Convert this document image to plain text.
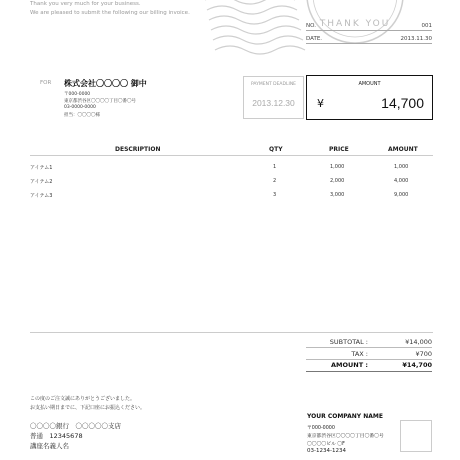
Thank you very much for your business.
We are pleased to submit the following our billing invoice.
THANK YOU
NO.	001
DATE.	2013.11.30
FOR 株式会社〇〇〇〇 御中
〒000-0000
東京都渋谷区〇〇〇〇丁目〇番〇号
03-0000-0000
担当：〇〇〇〇様
PAYMENT DEADLINE
2013.12.30
AMOUNT
¥	14,700
DESCRIPTION	QTY	PRICE	AMOUNT
アイテム1	1	1,000	1,000
アイテム2	2	2,000	4,000
アイテム3	3	3,000	9,000
SUBTOTAL :	¥14,000
TAX :	¥700
AMOUNT :	¥14,700
この度のご注文誠にありがとうございました。
お支払い期日までに、下記口座にお振込ください。
〇〇〇〇銀行　〇〇〇〇〇支店
普通　12345678
講座名義人名
YOUR COMPANY NAME
〒000-0000
東京都渋谷区〇〇〇〇丁目〇番〇号
〇〇〇〇ビル 〇F
03-1234-1234
